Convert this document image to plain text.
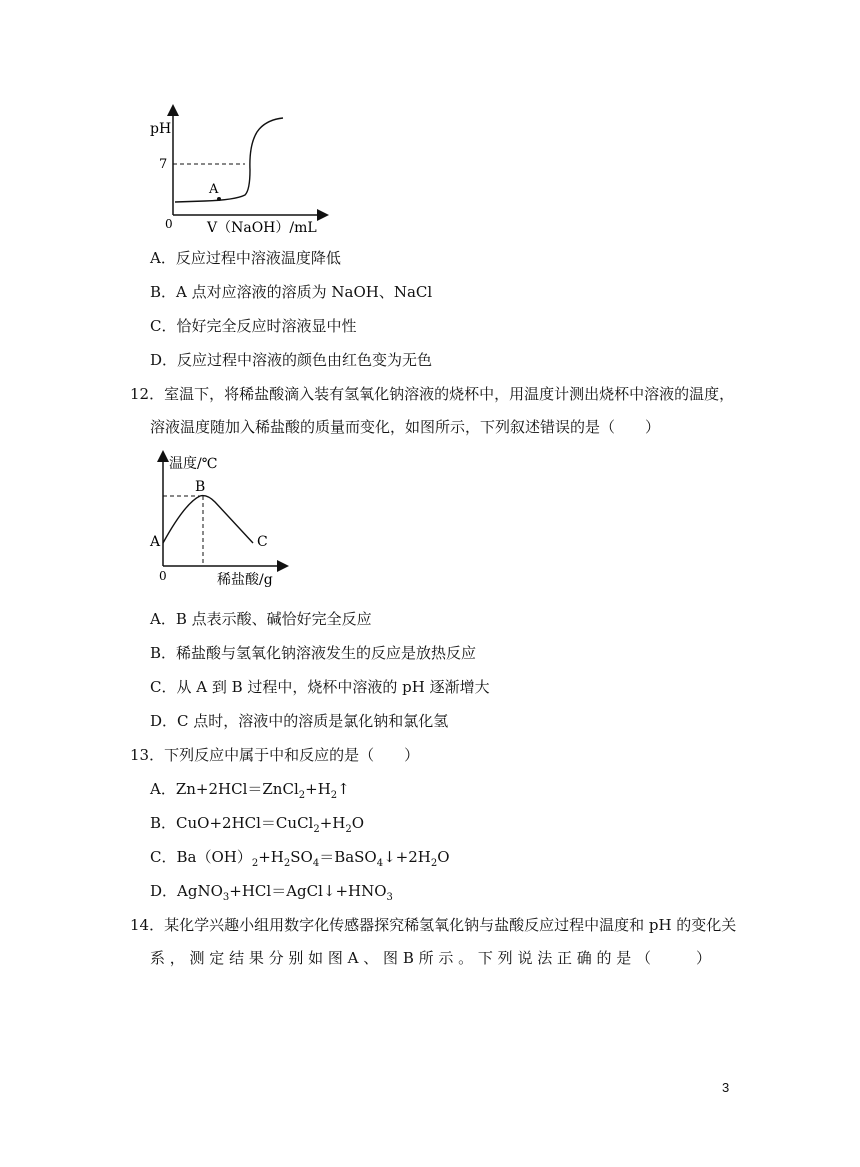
pH
7
0
A
V（NaOH）/mL
A．反应过程中溶液温度降低
B．A 点对应溶液的溶质为 NaOH、NaCl
C．恰好完全反应时溶液显中性
D．反应过程中溶液的颜色由红色变为无色
12．室温下，将稀盐酸滴入装有氢氧化钠溶液的烧杯中，用温度计测出烧杯中溶液的温度，
溶液温度随加入稀盐酸的质量而变化，如图所示，下列叙述错误的是（　　）
温度/℃
B
A	C
0	稀盐酸/g
A．B 点表示酸、碱恰好完全反应
B．稀盐酸与氢氧化钠溶液发生的反应是放热反应
C．从 A 到 B 过程中，烧杯中溶液的 pH 逐渐增大
D．C 点时，溶液中的溶质是氯化钠和氯化氢
13．下列反应中属于中和反应的是（　　）
A．$Zn+2HCl=ZnCl_2+H_2↑$
B．$CuO+2HCl=CuCl_2+H_2O$
C．$Ba(OH)_2+H_2SO_4=BaSO_4↓+2H_2O$
D．$AgNO_3+HCl=AgCl↓+HNO_3$
14．某化学兴趣小组用数字化传感器探究稀氢氧化钠与盐酸反应过程中温度和 pH 的变化关
系 ， 测 定 结 果 分 别 如 图 A 、 图 B 所 示 。 下 列 说 法 正 确 的 是 （　　　）
3
